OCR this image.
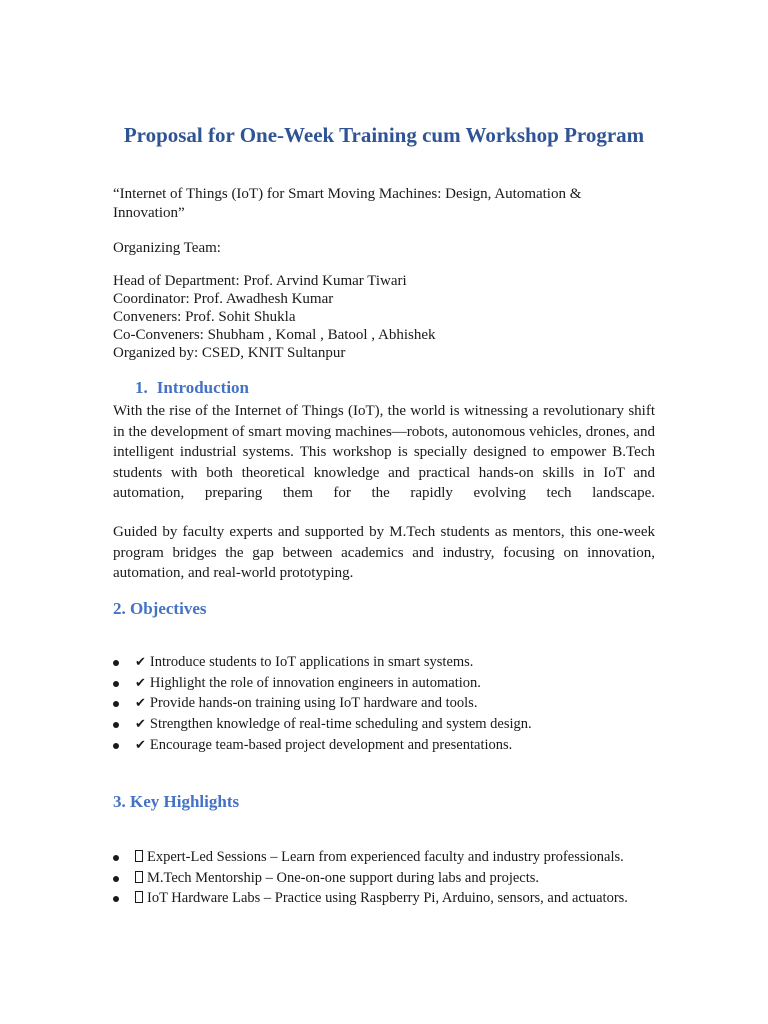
Proposal for One-Week Training cum Workshop Program
“Internet of Things (IoT) for Smart Moving Machines: Design, Automation & Innovation”
Organizing Team:
Head of Department: Prof. Arvind Kumar Tiwari
Coordinator: Prof. Awadhesh Kumar
Conveners: Prof. Sohit Shukla
Co-Conveners: Shubham , Komal , Batool , Abhishek
Organized by: CSED, KNIT Sultanpur
1. Introduction

With the rise of the Internet of Things (IoT), the world is witnessing a revolutionary shift in the development of smart moving machines—robots, autonomous vehicles, drones, and intelligent industrial systems. This workshop is specially designed to empower B.Tech students with both theoretical knowledge and practical hands-on skills in IoT and automation, preparing them for the rapidly evolving tech landscape.

Guided by faculty experts and supported by M.Tech students as mentors, this one-week program bridges the gap between academics and industry, focusing on innovation, automation, and real-world prototyping.

2. Objectives
✔ Introduce students to IoT applications in smart systems.
✔ Highlight the role of innovation engineers in automation.
✔ Provide hands-on training using IoT hardware and tools.
✔ Strengthen knowledge of real-time scheduling and system design.
✔ Encourage team-based project development and presentations.
3. Key Highlights
Expert-Led Sessions – Learn from experienced faculty and industry professionals.
M.Tech Mentorship – One-on-one support during labs and projects.
IoT Hardware Labs – Practice using Raspberry Pi, Arduino, sensors, and actuators.
